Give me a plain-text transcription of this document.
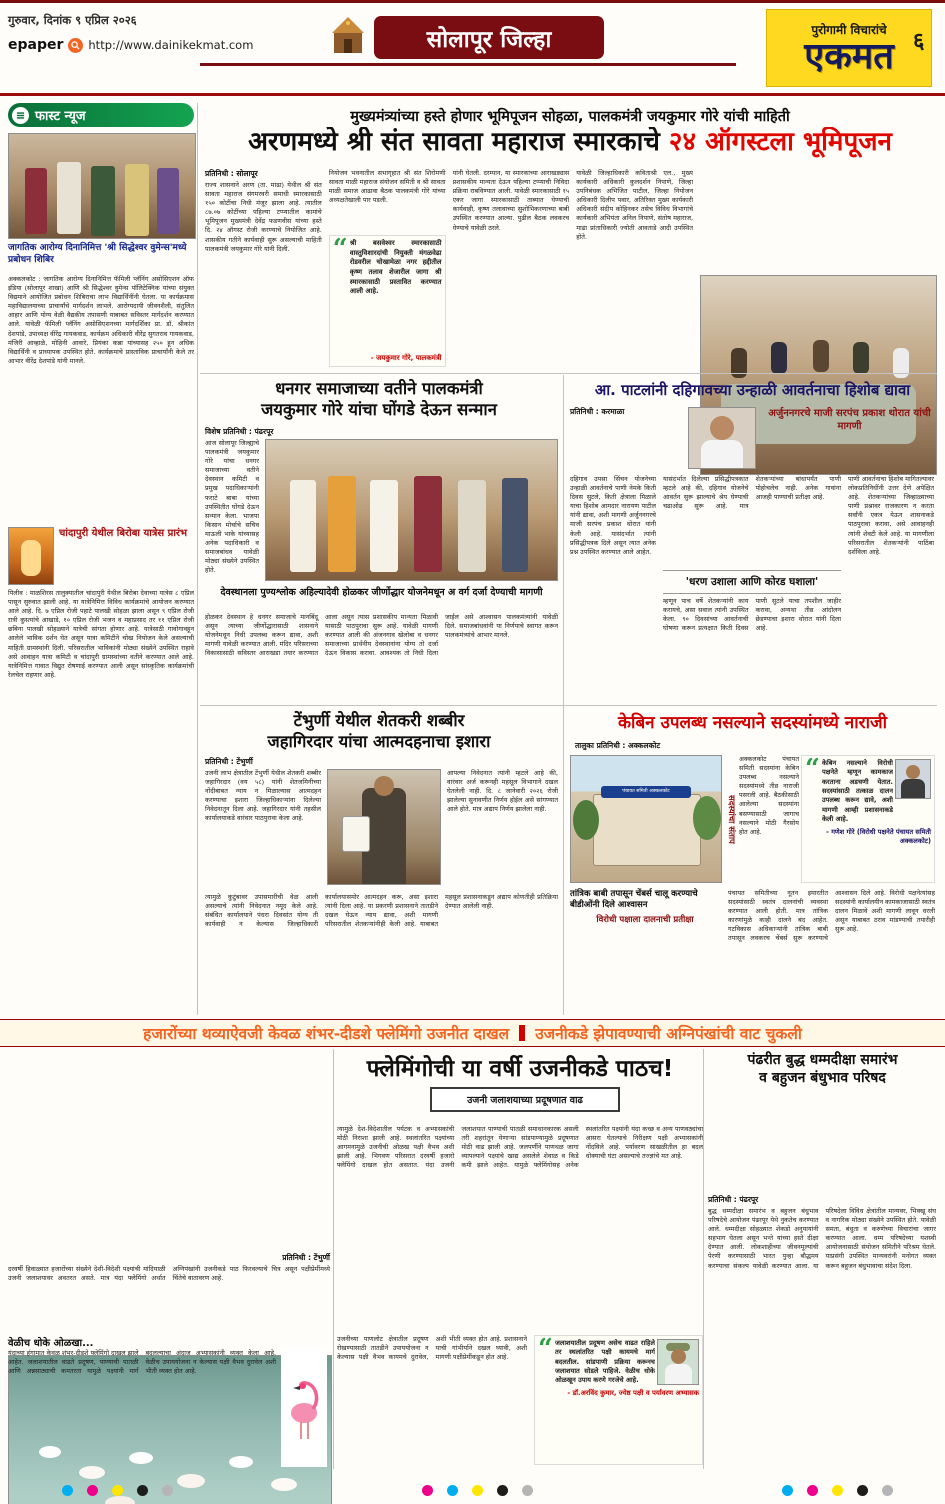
गुरुवार, दिनांक ९ एप्रिल २०२६
epaper http://www.dainikekmat.com	सोलापूर जिल्हा	पुरोगामी विचारांचे
एकमत ६
फास्ट न्यूज
जागतिक आरोग्य दिनानिमित्त 'श्री सिद्धेश्वर वुमेन्स'मध्ये प्रबोधन शिबिर
अक्कलकोट : जागतिक आरोग्य दिनानिमित्त फॅमिली प्लॅनिंग असोसिएशन ऑफ इंडिया (सोलापूर शाखा) आणि श्री सिद्धेश्वर वुमेन्स पॉलिटेक्निक यांच्या संयुक्त विद्यमाने आयोजित प्रबोधन शिबिराचा लाभ विद्यार्थिनींनी घेतला. या कार्यक्रमास महाविद्यालयाच्या प्राचार्यांचे मार्गदर्शन लाभले. आरोग्यदायी जीवनशैली, संतुलित आहार आणि योग्य वेळी वैद्यकीय तपासणी याबाबत सविस्तर मार्गदर्शन करण्यात आले. यावेळी फॅमिली प्लॅनिंग असोसिएशनच्या मार्गदर्शिका प्रा. डॉ. श्रीकांत देशपांडे, उपाध्यक्ष वीरेंद्र गायकवाड, कार्यक्रम अधिकारी वीरेंद्र सुगतराव गायकवाड, मंजिरी आव्हाळे, मोहिनी आवारे, प्रियंका कन्ना यांच्यासह २५० हून अधिक विद्यार्थिनी व प्राध्यापक उपस्थित होते. कार्यक्रमाचे प्रास्ताविक प्राचार्यांनी केले तर आभार वीरेंद्र देशपांडे यांनी मानले.
चांदापुरी येथील बिरोबा यात्रेस प्रारंभ
पिलीव : माळशिरस तालुक्यातील चांदापुरी येथील बिरोबा देवाच्या यात्रेस ८ एप्रिल पासून सुरुवात झाली आहे. या यात्रेनिमित्त विविध कार्यक्रमांचे आयोजन करण्यात आले आहे. दि. ७ एप्रिल रोजी पहाटे पालखी सोहळा झाला असून ९ एप्रिल रोजी रात्री कुस्त्यांचे आखाडे, १० एप्रिल रोजी भजन व महाप्रसाद तर ११ एप्रिल रोजी छबिना पालखी सोहळ्याने यात्रेची सांगता होणार आहे. यात्रेसाठी गावोगावहून आलेले भाविक दर्शन घेत असून यात्रा कमिटीने चोख नियोजन केले असल्याची माहिती ग्रामस्थांनी दिली. परिसरातील भाविकांनी मोठ्या संख्येने उपस्थित राहावे असे आवाहन यात्रा कमिटी व चांदापुरी ग्रामस्थांच्या वतीने करण्यात आले आहे. यात्रेनिमित्त गावात विद्युत रोषणाई करण्यात आली असून सांस्कृतिक कार्यक्रमांची रेलचेल राहणार आहे.
मुख्यमंत्र्यांच्या हस्ते होणार भूमिपूजन सोहळा, पालकमंत्री जयकुमार गोरे यांची माहिती
अरणमध्ये श्री संत सावता महाराज स्मारकाचे २४ ऑगस्टला भूमिपूजन
प्रतिनिधी : सोलापूर
राज्य शासनाने अरण (ता. माढा) येथील श्री संत सावता महाराज संगमरवरी समाधी स्मारकासाठी १५० कोटींचा निधी मंजूर झाला आहे. त्यातील ८७.०७ कोटींच्या पहिल्या टप्प्यातील कामांचे भूमिपूजन मुख्यमंत्री देवेंद्र फडणवीस यांच्या हस्ते दि. २४ ऑगस्ट रोजी करण्याचे नियोजित आहे. शासकीय गतीने कार्यवाही सुरू असल्याची माहिती पालकमंत्री जयकुमार गोरे यांनी दिली.
नियोजन भवनातील सभागृहात श्री संत शिरोमणी सावता माळी महाराज संयोजन समिती व श्री सावता माळी समाज आढावा बैठक पालकमंत्री गोरे यांच्या अध्यक्षतेखाली पार पडली.
“ श्री बसवेश्वर स्मारकासाठी वास्तुविशारदांची नियुक्ती मंगळवेढा रोडवरील चोखामेळा नगर हद्दीतील कृष्ण तलाव शेजारील जागा श्री स्मारकासाठी प्रस्तावित करण्यात आली आहे.
- जयकुमार गोरे, पालकमंत्री
यांनी घेतली. दरम्यान, या स्मारकाच्या आराखड्यास प्रशासकीय मान्यता देऊन पहिल्या टप्प्याची निविदा प्रक्रिया राबविण्यात आली. यावेळी स्मारकासाठी १५ एकर जागा स्मारकासाठी ताब्यात घेण्याची कार्यवाही, कृष्ण तलावाच्या सुशोभिकरणाच्या बाबी उपस्थित करण्यात आल्या. पुढील बैठक लवकरच घेण्याचे यावेळी ठरले.
यावेळी जिल्हाधिकारी कविताश्री एल., मुख्य कार्यकारी अधिकारी कुलदर्शन निपाणे, जिल्हा उपनिबंधक अभिजित पाटील, जिल्हा नियोजन अधिकारी दिलीप पवार, अतिरिक्त मुख्य कार्यकारी अधिकारी संदीप कोहिनकर तसेच विविध विभागांचे कार्यकारी अभियंता अनिल निपाणे, संतोष महाराज, माढा प्रांताधिकारी ज्योती आवताडे आदी उपस्थित होते.
धनगर समाजाच्या वतीने पालकमंत्री
जयकुमार गोरे यांचा घोंगडे देऊन सन्मान
विशेष प्रतिनिधी : पंढरपूर
आज सोलापूर जिल्ह्याचे पालकमंत्री जयकुमार गोरे यांचा धनगर समाजाच्या वतीने देवस्थान कमिटी व प्रमुख पदाधिकाऱ्यांनी फराटे बाबा यांच्या उपस्थितीत घोंगडे देऊन सन्मान केला. भाजपा किसान मोर्चाचे सचिव माऊली भाके यांच्यासह अनेक पदाधिकारी व समाजबांधव यावेळी मोठ्या संख्येने उपस्थित होते.
देवस्थानला पुण्यश्लोक अहिल्यादेवी होळकर जीर्णोद्धार योजनेमधून अ वर्ग दर्जा देण्याची मागणी
होळकर देवस्थान हे धनगर समाजाचे मानबिंदू असून त्याच्या जीर्णोद्धारासाठी शासनाने योजनेमधून निधी उपलब्ध करून द्यावा, अशी मागणी यावेळी करण्यात आली. मंदिर परिसराच्या विकासासाठी सविस्तर आराखडा तयार करण्यात आला असून त्यास प्रशासकीय मान्यता मिळावी यासाठी पाठपुरावा सुरू आहे. यावेळी मागणी करण्यात आली की अंजनगाव खेलोबा व धनगर समाजाच्या प्रार्थनीय देवस्थानांना योग्य तो दर्जा देऊन विकास करावा. आवश्यक तो निधी दिला जाईल असे आश्वासन पालकमंत्र्यांनी यावेळी दिले. समाजबांधवांनी या निर्णयाचे स्वागत करून पालकमंत्र्यांचे आभार मानले.
आ. पाटलांनी दहिगावच्या उन्हाळी आवर्तनाचा हिशोब द्यावा
प्रतिनिधी : करमाळा	अर्जुननगरचे माजी सरपंच प्रकाश थोरात यांची मागणी
दहिगाव उपसा सिंचन योजनेच्या उन्हाळी आवर्तनाचे पाणी नेमके किती दिवस सुटले, किती क्षेत्राला मिळाले याचा हिशोब आमदार नारायण पाटील यांनी द्यावा, अशी मागणी अर्जुननगरचे माजी सरपंच प्रकाश थोरात यांनी केली आहे. यासंदर्भात त्यांनी प्रसिद्धीपत्रक दिले असून त्यात अनेक प्रश्न उपस्थित करण्यात आले आहेत.
यासंदर्भात दिलेल्या प्रसिद्धीपत्रकात म्हटले आहे की, दहिगाव योजनेचे आवर्तन सुरू झाल्याचे श्रेय घेण्याची चढाओढ सुरू आहे. मात्र शेतकऱ्यांच्या बांधापर्यंत पाणी पोहोचलेच नाही. अनेक गावांना आजही पाण्याची प्रतीक्षा आहे.
'धरण उशाला आणि कोरड घशाला'
म्हणून पाच वर्षे शेतकऱ्यांनी काय करायचे, असा सवाल त्यांनी उपस्थित केला. ९० दिवसांच्या आवर्तनाची घोषणा करून प्रत्यक्षात किती दिवस पाणी सुटले याचा तपशील जाहीर करावा, अन्यथा तीव्र आंदोलन छेडण्याचा इशारा थोरात यांनी दिला आहे.
पाणी आवर्तनाचा हिशोब मागितल्यावर लोकप्रतिनिधींनी उत्तर देणे अपेक्षित आहे. शेतकऱ्यांच्या जिव्हाळ्याच्या पाणी प्रश्नावर राजकारण न करता सर्वांनी एकत्र येऊन शासनाकडे पाठपुरावा करावा, असे आवाहनही त्यांनी शेवटी केले आहे. या मागणीला परिसरातील शेतकऱ्यांनी पाठिंबा दर्शविला आहे.
टेंभुर्णी येथील शेतकरी शब्बीर
जहागिरदार यांचा आत्मदहनाचा इशारा
प्रतिनिधी : टेंभुर्णी
उजनी लाभ क्षेत्रातील टेंभुर्णी येथील शेतकरी शब्बीर जहागिरदार (वय ५८) यांनी शेतजमिनीच्या नोंदीबाबत न्याय न मिळाल्यास आत्मदहन करण्याचा इशारा जिल्हाधिकाऱ्यांना दिलेल्या निवेदनातून दिला आहे. जहागिरदार यांनी तहसील कार्यालयाकडे वारंवार पाठपुरावा केला आहे.
आपल्या निवेदनात त्यांनी म्हटले आहे की, वारंवार अर्ज करूनही महसूल विभागाने दखल घेतलेली नाही. दि. ८ जानेवारी २०२६ रोजी झालेल्या सुनावणीत निर्णय होईल असे सांगण्यात आले होते. मात्र अद्याप निर्णय झालेला नाही.
त्यामुळे कुटुंबावर उपासमारीची वेळ आली असल्याचे त्यांनी निवेदनात नमूद केले आहे. संबंधित कार्यालयाने पंधरा दिवसांत योग्य ती कार्यवाही न केल्यास जिल्हाधिकारी कार्यालयासमोर आत्मदहन करू, असा इशारा त्यांनी दिला आहे. या प्रकरणी प्रशासनाने तातडीने दखल घेऊन न्याय द्यावा, अशी मागणी परिसरातील शेतकऱ्यांनीही केली आहे. याबाबत महसूल प्रशासनाकडून अद्याप कोणतीही प्रतिक्रिया देण्यात आलेली नाही.
केबिन उपलब्ध नसल्याने सदस्यांमध्ये नाराजी
तालुका प्रतिनिधी : अक्कलकोट
पंचायत समिती अक्कलकोट
सदस्यांचा संताप
अक्कलकोट पंचायत समिती सदस्यांना केबिन उपलब्ध नसल्याने सदस्यांमध्ये तीव्र नाराजी पसरली आहे. बैठकीसाठी आलेल्या सदस्यांना बसण्यासाठी जागाच नसल्याने मोठी गैरसोय होत आहे.
“ केबिन नसल्याने विरोधी पक्षनेते म्हणून कामकाज करताना अडचणी येतात. सदस्यांसाठी तत्काळ दालन उपलब्ध करून द्यावे, अशी मागणी आम्ही प्रशासनाकडे केली आहे.
- गणेश गोरे (विरोधी पक्षनेते पंचायत समिती अक्कलकोट)
तांत्रिक बाबी तपासून चेंबर्स चालू करण्याचे बीडीओंनी दिले आश्वासन
विरोधी पक्षाला दालनाची प्रतीक्षा
पंचायत समितीच्या नूतन इमारतीत सदस्यांसाठी स्वतंत्र दालनांची व्यवस्था करण्यात आली होती. मात्र तांत्रिक कारणांमुळे काही दालने बंद आहेत. गटविकास अधिकाऱ्यांनी तांत्रिक बाबी तपासून लवकरच चेंबर्स सुरू करण्याचे आश्वासन दिले आहे. विरोधी पक्षनेत्यांसह सदस्यांनी कार्यालयीन कामकाजासाठी स्वतंत्र दालन मिळावे अशी मागणी लावून धरली असून याबाबत ठराव मांडण्याची तयारीही सुरू आहे.
हजारोंच्या थव्याऐवजी केवळ शंभर-दीडशे फ्लेमिंगो उजनीत दाखल उजनीकडे झेपावण्याची अग्निपंखांची वाट चुकली
प्रतिनिधी : टेंभुर्णी
दरवर्षी हिवाळ्यात हजारोंच्या संख्येने देशी-विदेशी पक्ष्यांची मांदियाळी उजनी जलाशयावर अवतरत असते. मात्र यंदा फ्लेमिंगो अर्थात अग्निपंखांनी उजनीकडे पाठ फिरवल्याचे चित्र असून पक्षीप्रेमींमध्ये चिंतेचे वातावरण आहे.
वेळीच धोके ओळखा...
यंदाच्या हंगामात केवळ शंभर-दीडशे फ्लेमिंगो दाखल झाले आहेत. जलाशयातील वाढते प्रदूषण, पाण्याची पातळी आणि अन्नसाठ्याची कमतरता यामुळे पक्ष्यांनी मार्ग बदलल्याचा अंदाज अभ्यासकांनी व्यक्त केला आहे. वेळीच उपाययोजना न केल्यास पक्षी वैभव दुरावेल अशी भीती व्यक्त होत आहे.
फ्लेमिंगोची या वर्षी उजनीकडे पाठच!
उजनी जलाशयाच्या प्रदूषणात वाढ
त्यामुळे देश-विदेशातील पर्यटक व अभ्यासकांची मोठी निराशा झाली आहे. स्थलांतरित पक्ष्यांच्या आगमनामुळे उजनीची ओळख पक्षी वैभव अशी झाली आहे. भिगवण परिसरात दरवर्षी हजारो फ्लेमिंगो दाखल होत असतात. यंदा उजनी जलाशयात पाण्याची पातळी समाधानकारक असली तरी शहरांतून येणाऱ्या सांडपाण्यामुळे प्रदूषणात मोठी वाढ झाली आहे. जलपर्णीने पाणथळ जागा व्यापल्याने पक्ष्यांचे खाद्य असलेले शेवाळ व किडे कमी झाले आहेत. यामुळे फ्लेमिंगोसह अनेक स्थलांतरित पक्ष्यांनी यंदा कच्छ व अन्य पाणवठ्यांचा आसरा घेतल्याचे निरीक्षण पक्षी अभ्यासकांनी नोंदविले आहे. पर्यावरण साखळीतील हा बदल धोक्याची घंटा असल्याचे तज्ज्ञांचे मत आहे.
उजनीच्या पाणलोट क्षेत्रातील प्रदूषण रोखण्यासाठी तातडीने उपाययोजना न केल्यास पक्षी वैभव कायमचे दुरावेल, अशी भीती व्यक्त होत आहे. प्रशासनाने याची गांभीर्याने दखल घ्यावी, अशी मागणी पक्षीप्रेमींकडून होत आहे.	“ जलाशयातील प्रदूषण असेच वाढत राहिले तर स्थलांतरित पक्षी कायमचे मार्ग बदलतील. सांडपाणी प्रक्रिया करूनच जलाशयात सोडले पाहिजे. वेळीच धोके ओळखून उपाय करणे गरजेचे आहे.
- डॉ.अरविंद कुमार, ज्येष्ठ पक्षी व पर्यावरण अभ्यासक
पंढरीत बुद्ध धम्मदीक्षा समारंभ
व बहुजन बंधुभाव परिषद
प्रतिनिधी : पंढरपूर
बुद्ध धम्मदीक्षा समारंभ व बहुजन बंधुभाव परिषदेचे आयोजन पंढरपूर येथे नुकतेच करण्यात आले. धम्मदीक्षा सोहळ्यात शेकडो अनुयायांनी सहभाग घेतला असून भन्ते यांच्या हस्ते दीक्षा देण्यात आली. लोकशाहीच्या जीवनमूल्यांची पेरणी करण्यासाठी भारत पुन्हा बौद्धमय करण्याचा संकल्प यावेळी करण्यात आला. या परिषदेला विविध क्षेत्रांतील मान्यवर, भिक्खू संघ व नागरिक मोठ्या संख्येने उपस्थित होते. यावेळी समता, बंधुता व करुणेच्या विचारांचा जागर करण्यात आला. धम्म परिषदेच्या यशस्वी आयोजनासाठी संयोजन समितीने परिश्रम घेतले. याप्रसंगी उपस्थित मान्यवरांनी मनोगत व्यक्त करून बहुजन बंधुभावाचा संदेश दिला.
